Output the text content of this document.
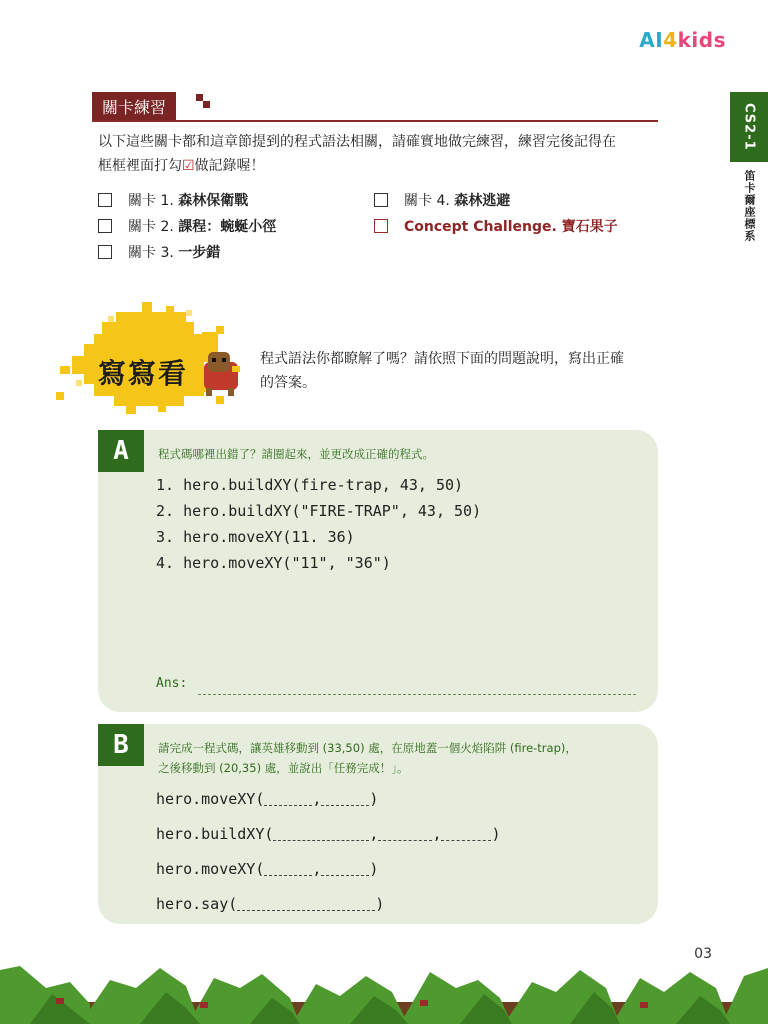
AI4kids
CS2-1
笛卡爾座標系
關卡練習
以下這些關卡都和這章節提到的程式語法相關，請確實地做完練習，練習完後記得在
框框裡面打勾☑做記錄喔！
關卡 1.
森林保衛戰
關卡 2.
課程：蜿蜒小徑
關卡 3.
一步錯
關卡 4.
森林逃避
Concept Challenge. 寶石果子
寫寫看	程式語法你都瞭解了嗎？請依照下面的問題說明，寫出正確
的答案。
A	程式碼哪裡出錯了？請圈起來，並更改成正確的程式。
1. hero.buildXY(fire-trap, 43, 50)
2. hero.buildXY("FIRE-TRAP", 43, 50)
3. hero.moveXY(11. 36)
4. hero.moveXY("11", "36")
Ans:
B	請完成一程式碼，讓英雄移動到 (33,50) 處，在原地蓋一個火焰陷阱 (fire-trap)，
之後移動到 (20,35) 處，並說出「任務完成！」。
hero.moveXY(	,	)
hero.buildXY(	,	,	)
hero.moveXY(	,	)
hero.say(	)
03
